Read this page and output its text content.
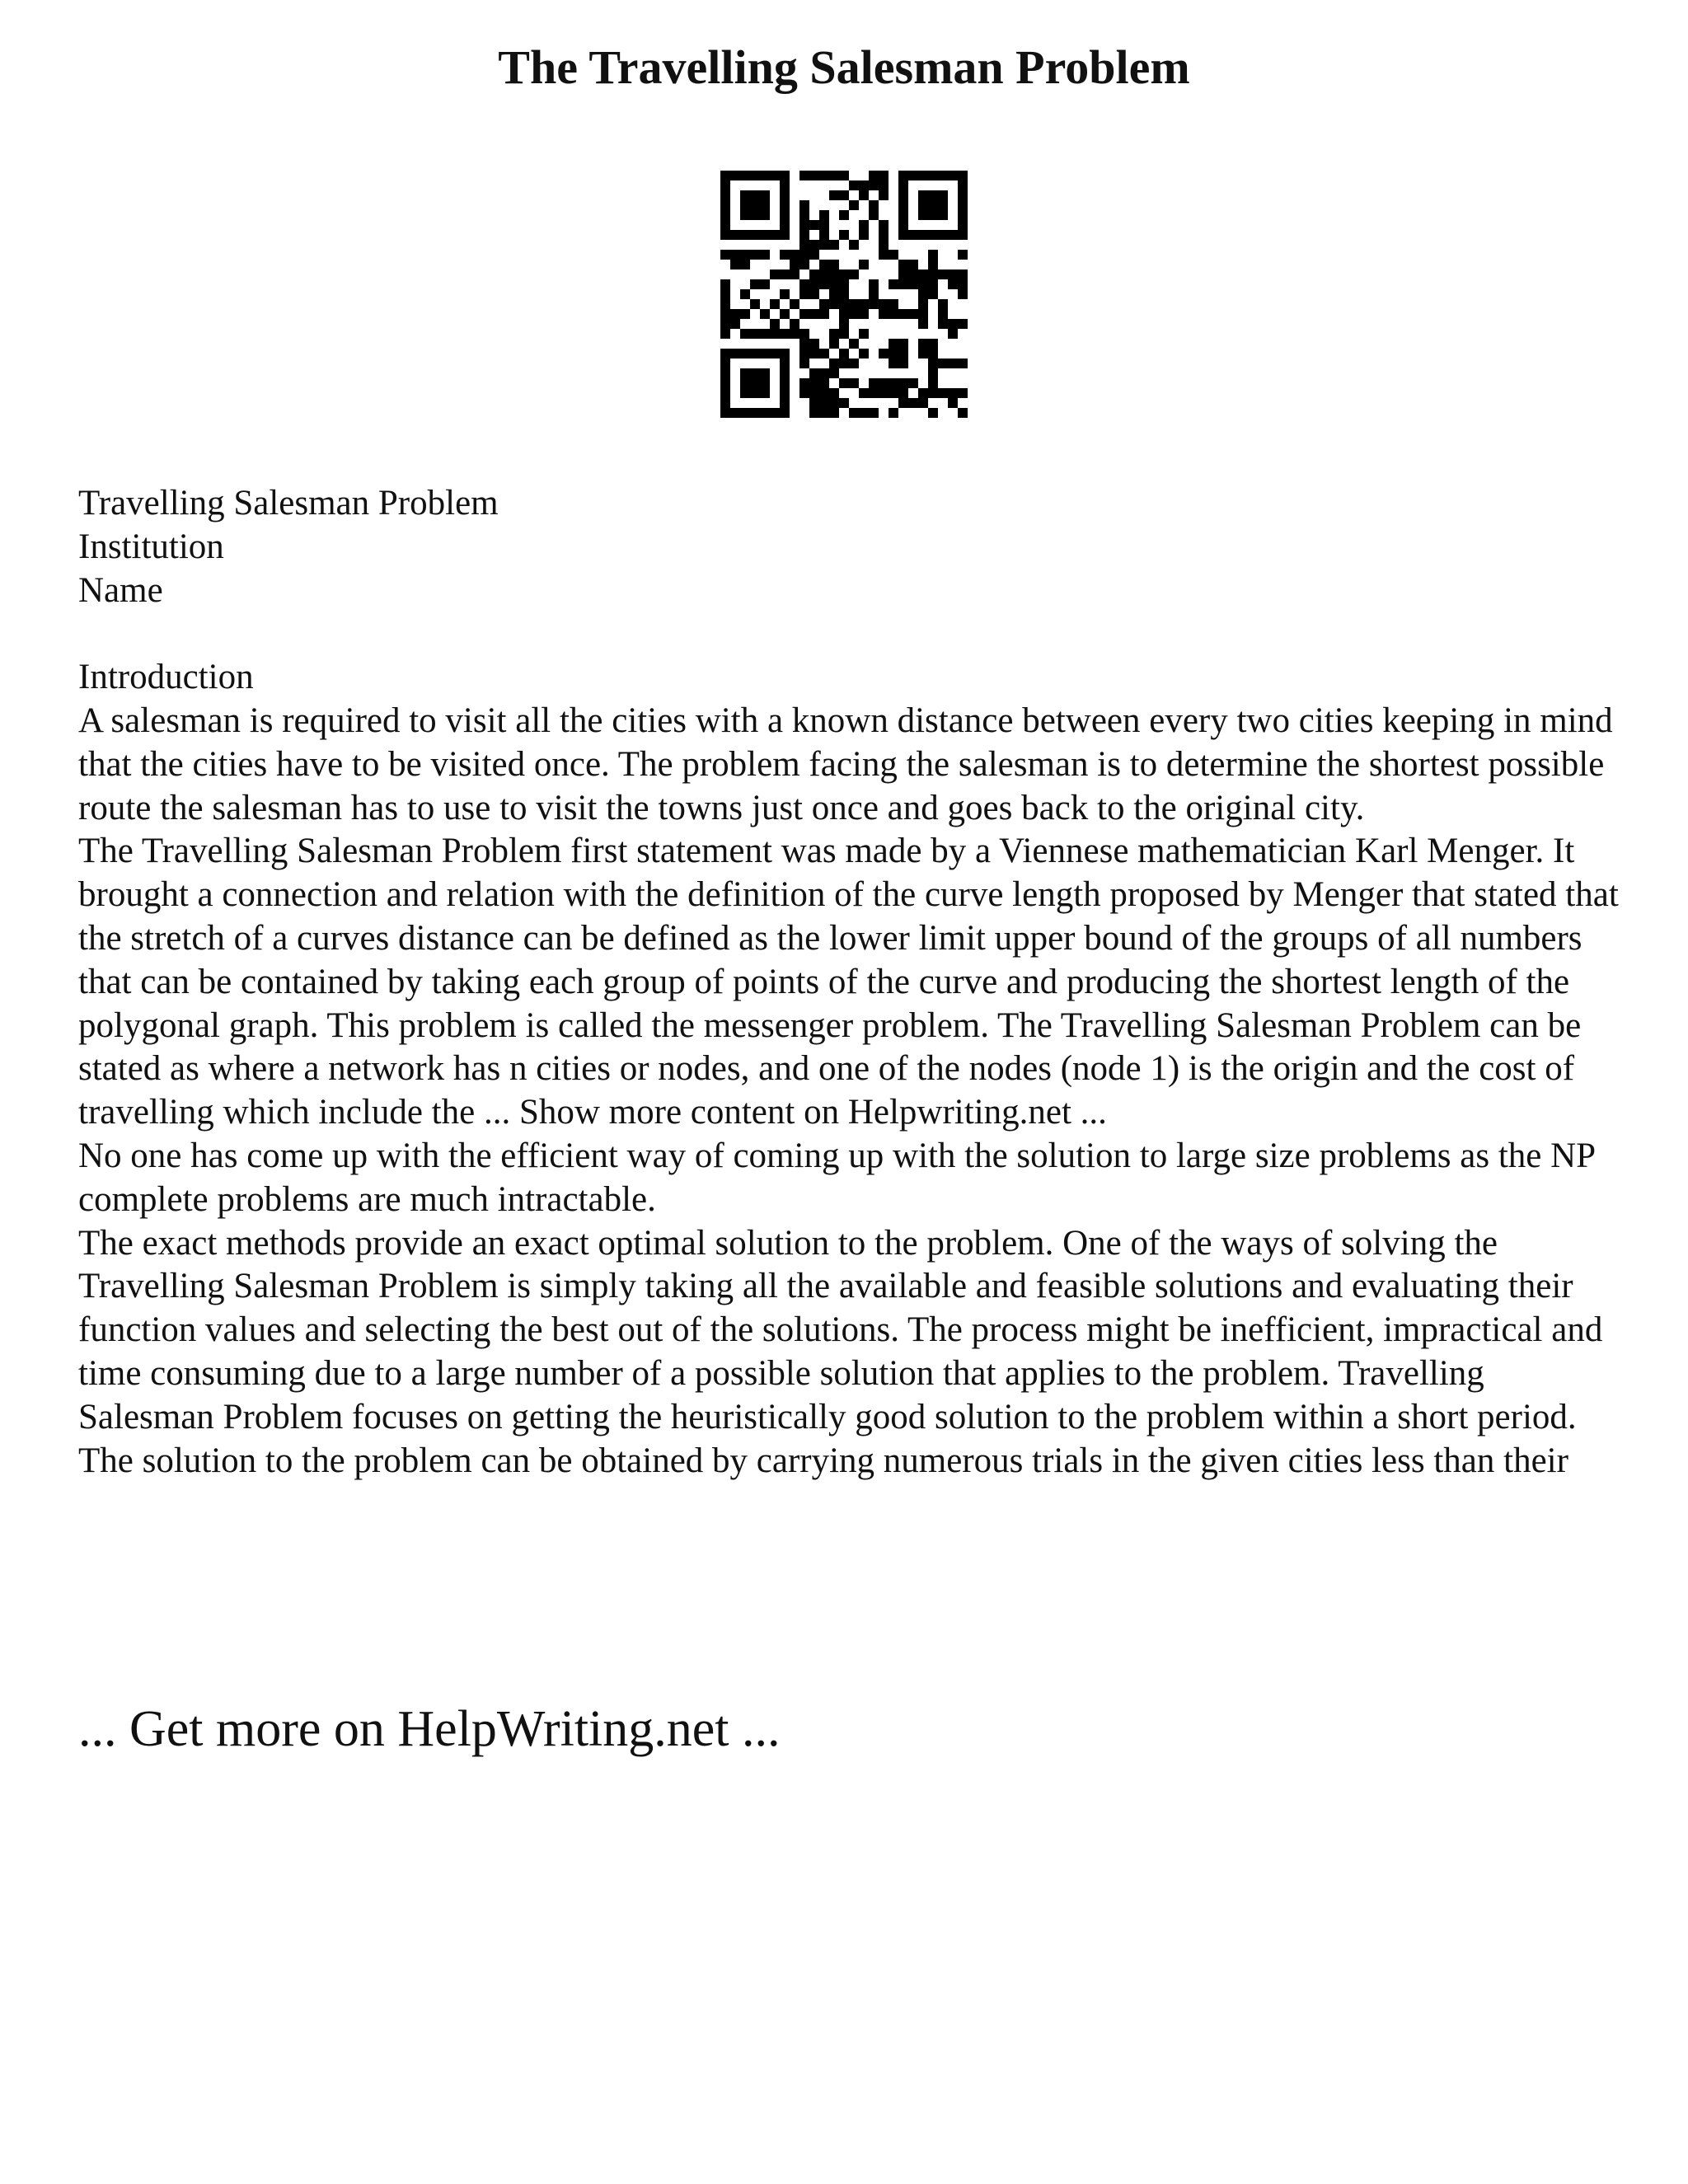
The Travelling Salesman Problem

Travelling Salesman Problem

Institution

Name

Introduction

A salesman is required to visit all the cities with a known distance between every two cities keeping in mind that the cities have to be visited once. The problem facing the salesman is to determine the shortest possible route the salesman has to use to visit the towns just once and goes back to the original city.

The Travelling Salesman Problem first statement was made by a Viennese mathematician Karl Menger. It brought a connection and relation with the definition of the curve length proposed by Menger that stated that the stretch of a curves distance can be defined as the lower limit upper bound of the groups of all numbers that can be contained by taking each group of points of the curve and producing the shortest length of the polygonal graph. This problem is called the messenger problem. The Travelling Salesman Problem can be stated as where a network has n cities or nodes, and one of the nodes (node 1) is the origin and the cost of travelling which include the ... Show more content on Helpwriting.net ...

No one has come up with the efficient way of coming up with the solution to large size problems as the NP complete problems are much intractable.

The exact methods provide an exact optimal solution to the problem. One of the ways of solving the Travelling Salesman Problem is simply taking all the available and feasible solutions and evaluating their function values and selecting the best out of the solutions. The process might be inefficient, impractical and time consuming due to a large number of a possible solution that applies to the problem. Travelling Salesman Problem focuses on getting the heuristically good solution to the problem within a short period.

The solution to the problem can be obtained by carrying numerous trials in the given cities less than their

... Get more on HelpWriting.net ...
